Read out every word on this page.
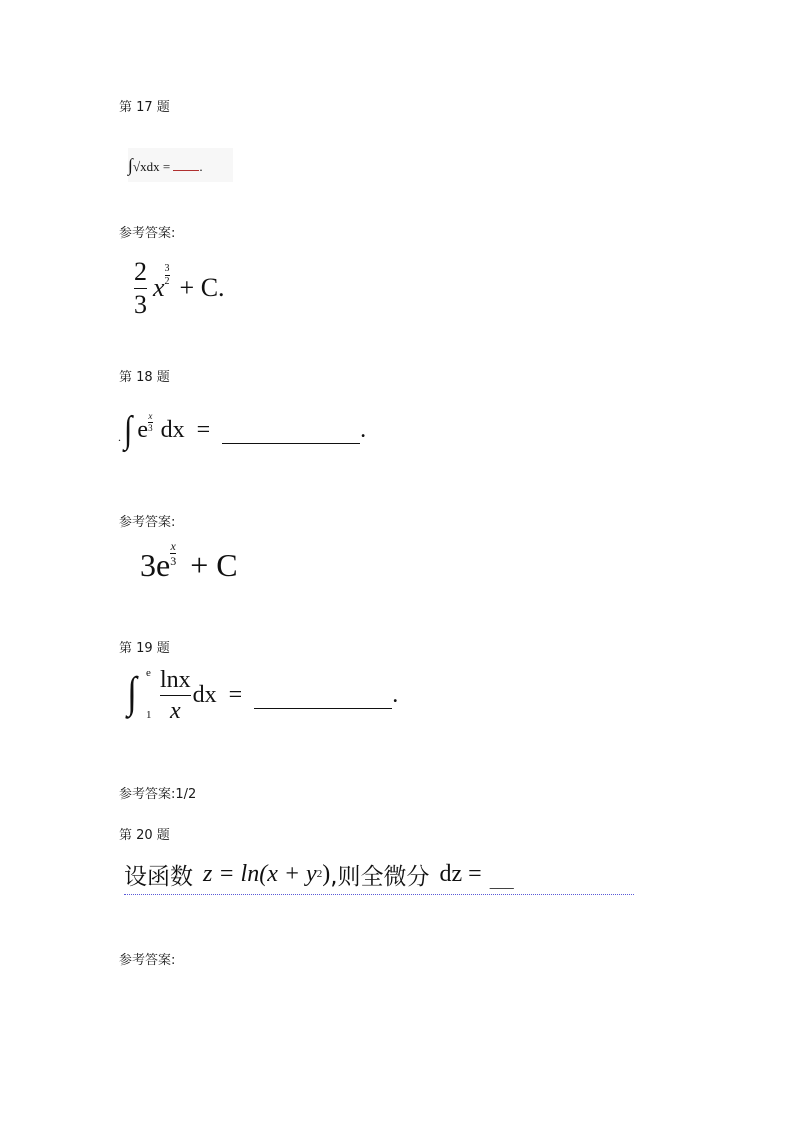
第 17 题
∫√xdx = .
参考答案:
$\frac{2}{3}$ x $\frac{3}{2} + C$.
第 18 题
. ∫ e $\frac{x}{3}$ dx =	.
参考答案:
$3e \frac{x}{3} + C$
第 19 题
∫ e
$1 \frac{\ln x}{x}$ dx =	.
参考答案:1/2
第 20 题
设函数 z = ln(x + y 2 ) ,则全微分 dz = ___
参考答案:
